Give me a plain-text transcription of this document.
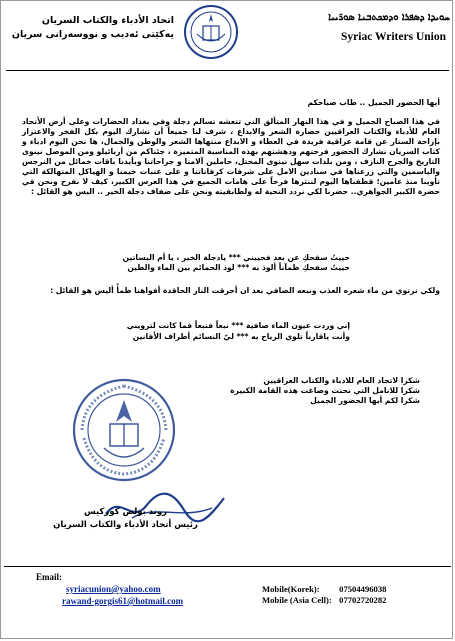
ܚܘܝܕܐ ܕܣܦܪܐ ܘܕܡܟܬܒܢܐ ܣܘܪ̈ܝܝܐ
Syriac Writers Union
اتحاد الأدباء والكتاب السريان
يەكێتی ئەديب و نووسەرانی سريان
أيها الحضور الجميل .. طاب صباحكم
في هذا الصباح الجميل و في هذا النهار المتألق التي تتعشه تسالم دجلة وفي بغداد الحضارات وعلى أرض الأتحاد العام للأدباء والكتاب العراقيين حضارة الشعر والابداع ، شرف لنا جميعاً أن نشارك اليوم بكل الفخر والاعتزاز بإزاحة الستار عن قامة عراقية فريدة في العطاء و الابداع منتهاها الشعر والوطن والجمال، ها نحن اليوم ادباء و كتاب السريان نشارك الحضور فرحتهم ودهشتهم بهذه المناسبة المتميزة ، جئناكم من أربائيلو ومن الموصل نينوى التاريخ والجرح النازف ، ومن بلدات سهل نينوى المحتل، حاملين آلامنا و جراحاتنا وبأيدنا باقات خمائل من النرجس والياسمين والتي زرعناها في سنادين الامل على شرفات كرفاناتنا و على عتبات خيمنا و الهياكل المتهالكة التي تأوينا منذ عامين؛ قطفناها اليوم لننثرها فرحاً على هامات الجميع في هذا العرس الكبير، كيف لا نفرح ونحن في حضرة الكبير الجواهري.. حضرنا لكي نردد التحية له ولطابقيته ونحن على ضفاف دجلة الخير .. اليس هو القائل :
حييتُ سفحكِ عن بعد فحييني *** يادجلة الخير ، يا أم البساتين
حييتُ سفحكِ ظمآناً ألوذ به *** لوذ الحمائم بين الماء والطين
ولكي نرتوي من ماء شعره العذب ونبعه الصافي بعد ان أحرقت النار الحاقدة أفواهنا ظمأً أليس هو القائل :
إني وردت عيون الماء صافية *** نبعاً فنبعاً فما كانت لترويني
وأنت ياقارباً تلوي الرياح به *** ليّ النسائم أطراف الأفانين
شكرا لاتحاد العام للادباء والكتاب العراقيين
شكرا للانامل التي نحتت وصاغت هذه القامة الكبيرة
شكرا لكم أيها الحضور الجميل
روند بولص كوركيس
رئيس أتحاد الأدباء والكتاب السريان
Email:
syriacunion@yahoo.com
rawand-gorgis61@hotmail.com
Mobile(Korek): 07504496038
Mobile (Asia Cell): 07702720282
